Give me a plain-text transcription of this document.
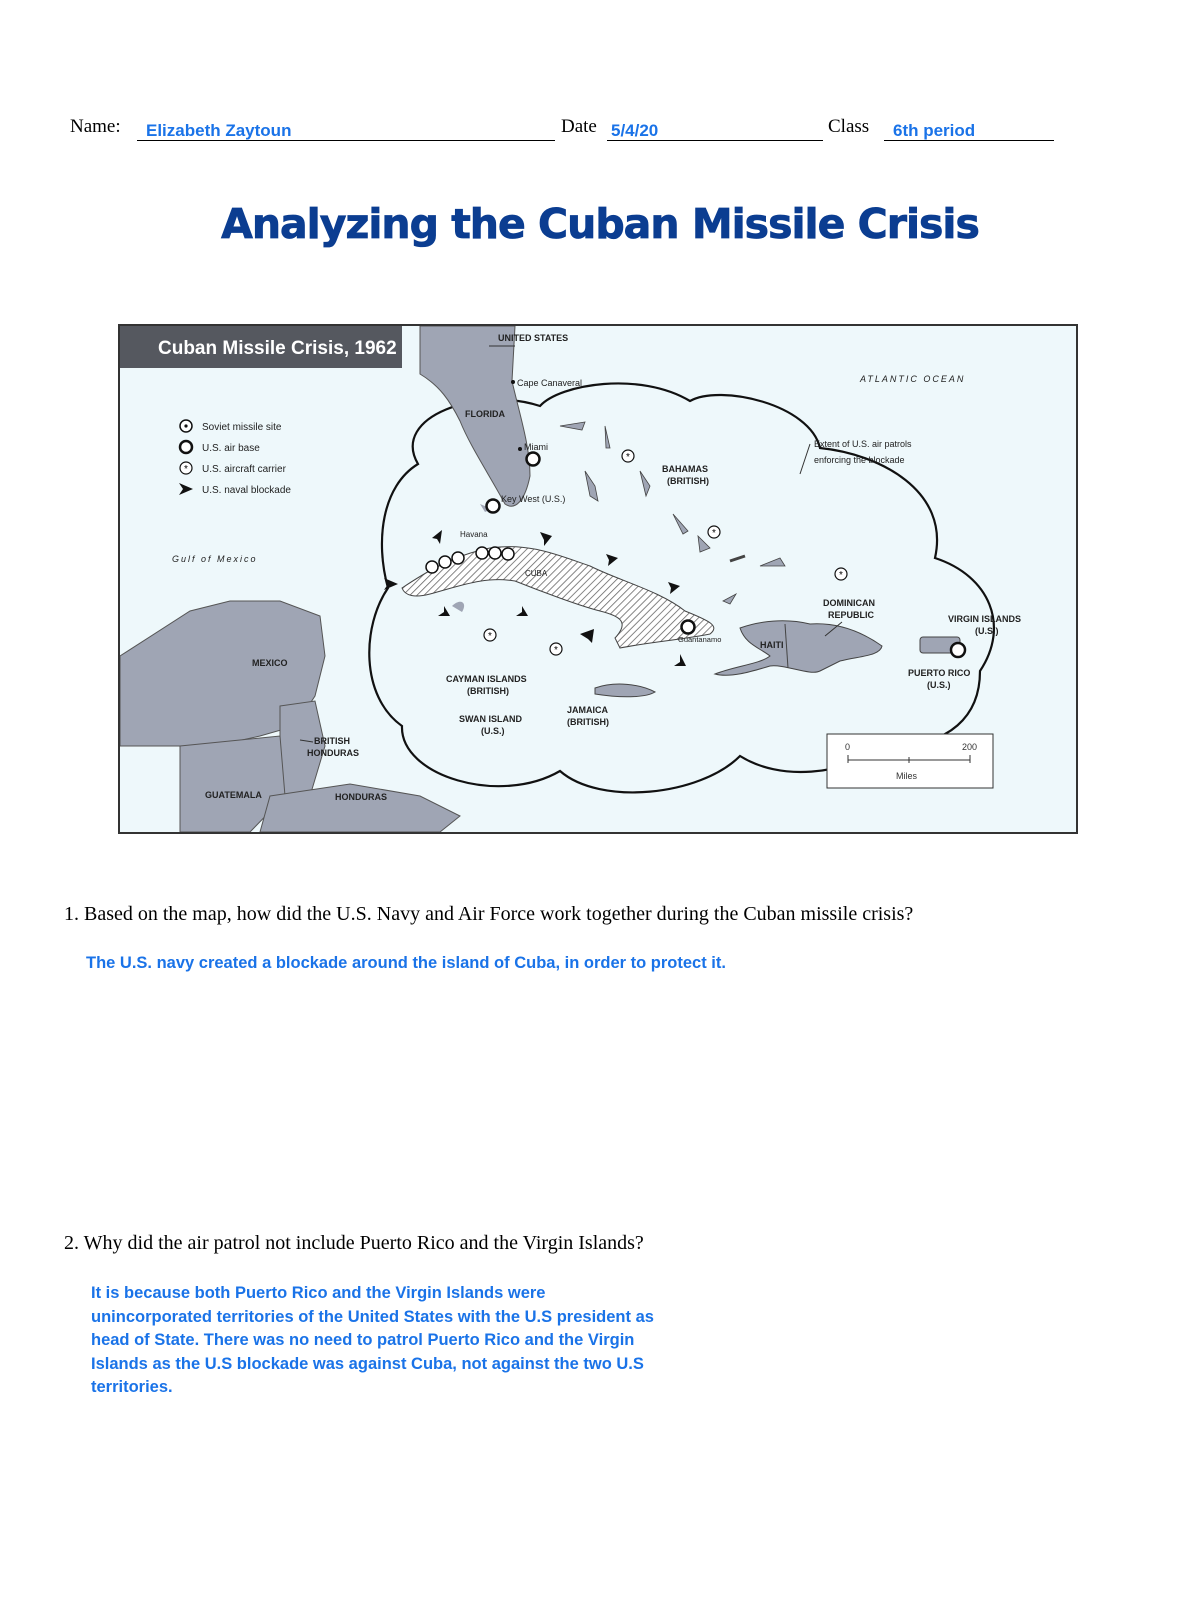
Name: Elizabeth Zaytoun	Date 5/4/20	Class 6th period
Analyzing the Cuban Missile Crisis
Cuban Missile Crisis, 1962
*
*
*
*
*
Soviet missile site
U.S. air base
* U.S. aircraft carrier
U.S. naval blockade
UNITED STATES
Cape Canaveral
FLORIDA
Miami
Key West (U.S.)
ATLANTIC OCEAN
Extent of U.S. air patrols
enforcing the blockade
BAHAMAS
(BRITISH)
Gulf of Mexico
Havana
CUBA
Guantanamo
DOMINICAN
REPUBLIC
HAITI
VIRGIN ISLANDS
(U.S.)
PUERTO RICO
(U.S.)
MEXICO
CAYMAN ISLANDS
(BRITISH)
SWAN ISLAND
(U.S.)
JAMAICA
(BRITISH)
BRITISH
HONDURAS
GUATEMALA	HONDURAS
0	200
Miles
1. Based on the map, how did the U.S. Navy and Air Force work together during the Cuban missile crisis?
The U.S. navy created a blockade around the island of Cuba, in order to protect it.
2. Why did the air patrol not include Puerto Rico and the Virgin Islands?
It is because both Puerto Rico and the Virgin Islands were
unincorporated territories of the United States with the U.S president as
head of State. There was no need to patrol Puerto Rico and the Virgin
Islands as the U.S blockade was against Cuba, not against the two U.S
territories.
